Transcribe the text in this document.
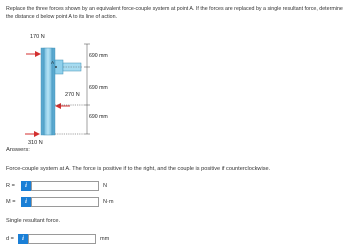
Replace the three forces shown by an equivalent force-couple system at point A. If the forces are replaced by a single resultant force, determine the distance d below point A to its line of action.
A
170 N
270 N
310 N
690 mm
690 mm
690 mm
Answers:
Force-couple system at A. The force is positive if to the right, and the couple is positive if counterclockwise.
R =	i	N
M =	i	N·m
Single resultant force.
d =	i	mm
